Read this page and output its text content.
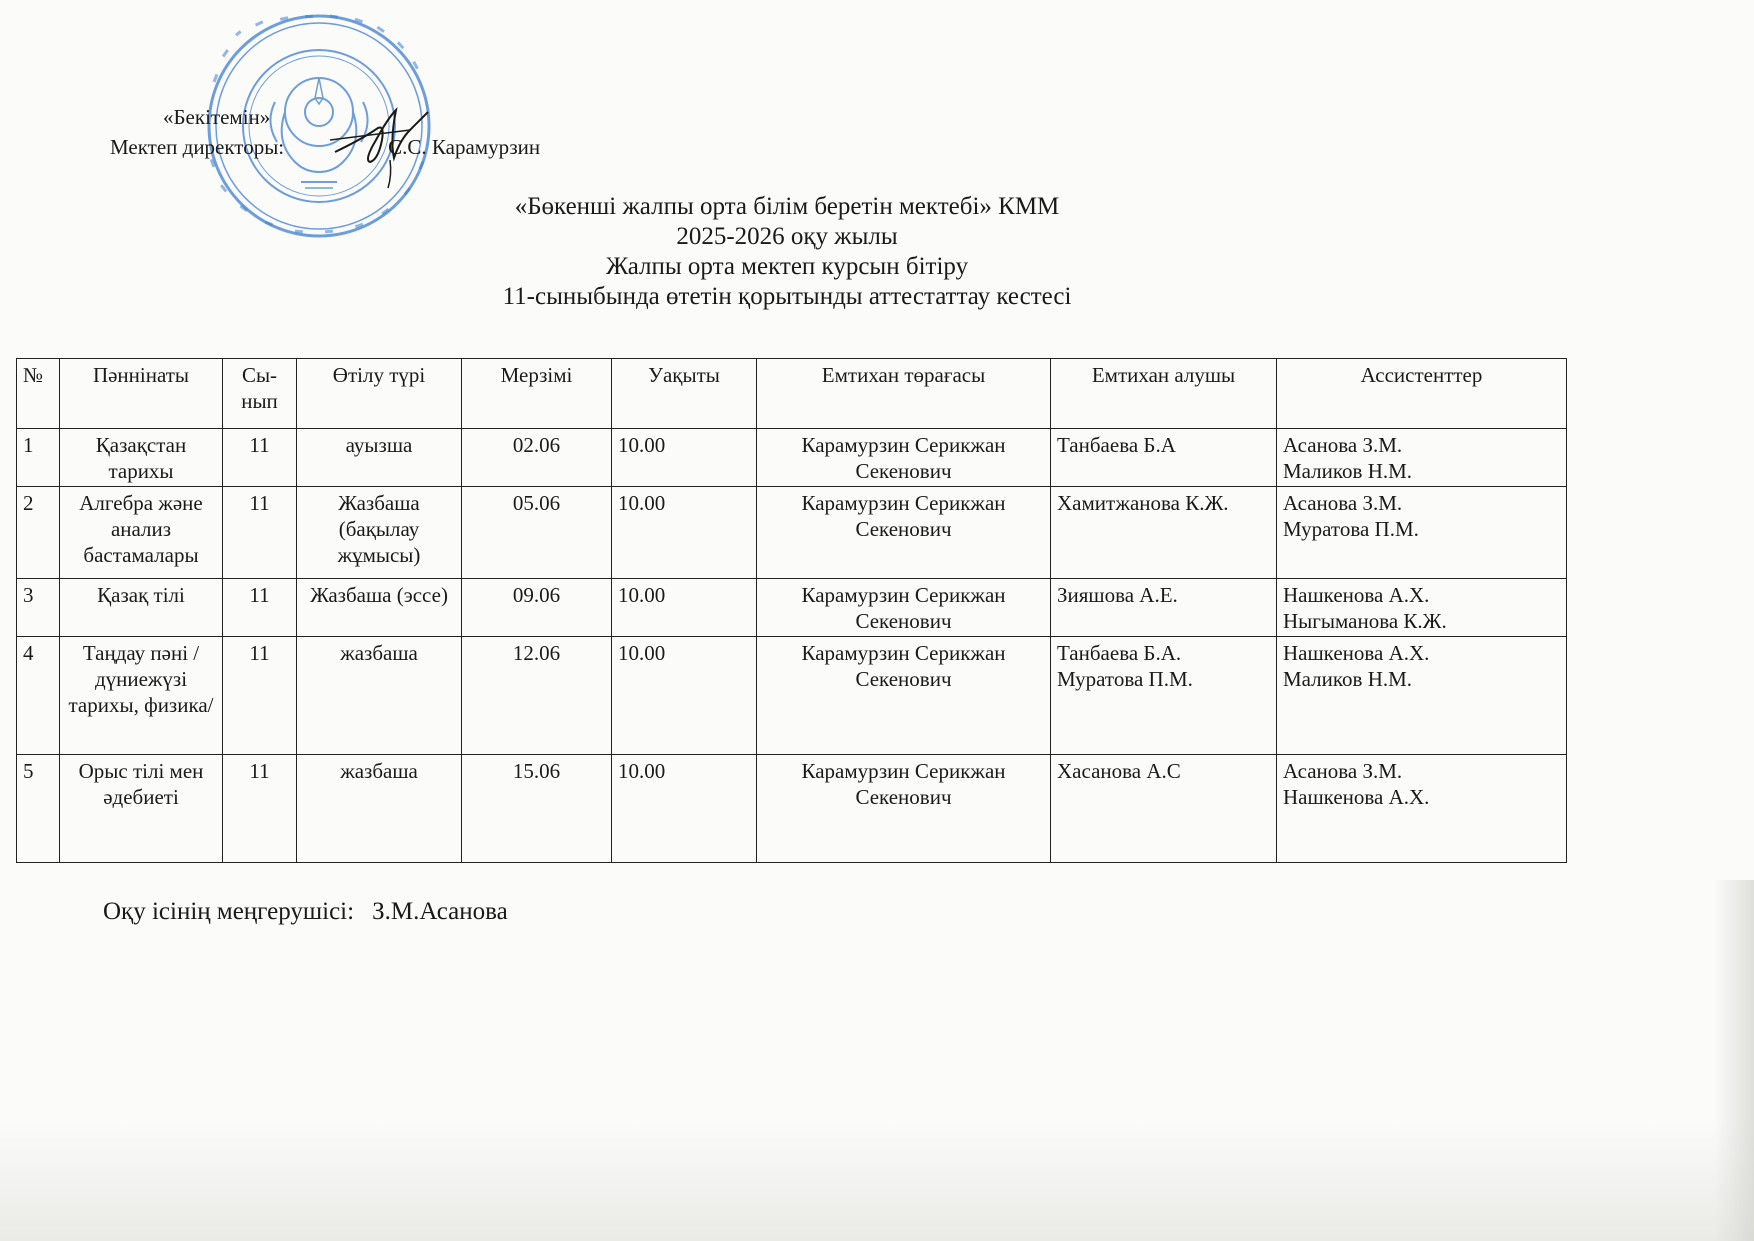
«Бекітемін»
Мектеп директоры:	С.С. Карамурзин
«Бөкенші жалпы орта білім беретін мектебі» КММ
2025-2026 оқу жылы
Жалпы орта мектеп курсын бітіру
11-сыныбында өтетін қорытынды аттестаттау кестесі
№	Пәннінаты	Сы-нып	Өтілу түрі	Мерзімі	Уақыты	Емтихан төрағасы	Емтихан алушы	Ассистенттер
1	Қазақстан тарихы	11	ауызша	02.06	10.00	Карамурзин Серикжан Секенович	Танбаева Б.А	Асанова З.М.
Маликов Н.М.

2	Алгебра және анализ бастамалары	11	Жазбаша (бақылау жұмысы)	05.06	10.00	Карамурзин Серикжан Секенович	Хамитжанова К.Ж.	Асанова З.М.
Муратова П.М.

3	Қазақ тілі	11	Жазбаша (эссе)	09.06	10.00	Карамурзин Серикжан Секенович	Зияшова А.Е.	Нашкенова А.Х.
Ныгыманова К.Ж.

4	Таңдау пәні /дүниежүзі тарихы, физика/	11	жазбаша	12.06	10.00	Карамурзин Серикжан Секенович	Танбаева Б.А. Муратова П.М.	Нашкенова А.Х.
Маликов Н.М.

5	Орыс тілі мен әдебиеті	11	жазбаша	15.06	10.00	Карамурзин Серикжан Секенович	Хасанова А.С	Асанова З.М.
Нашкенова А.Х.
Оқу ісінің меңгерушісі: З.М.Асанова
